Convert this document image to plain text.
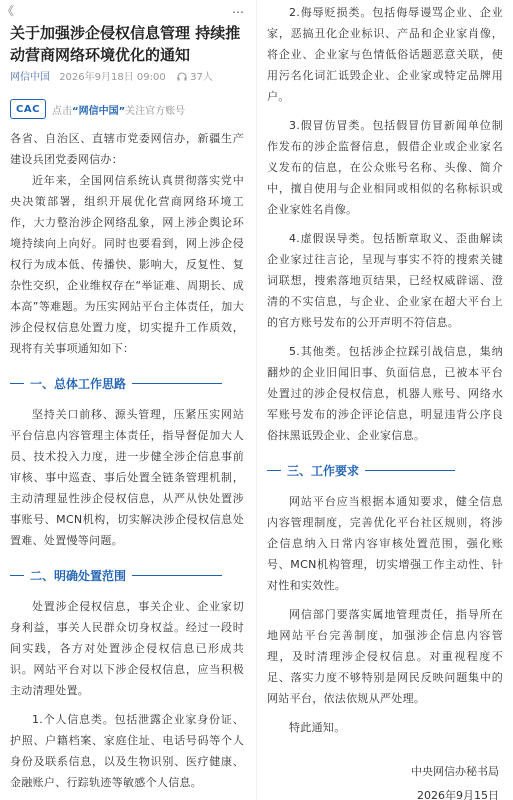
《	…
关于加强涉企侵权信息管理 持续推动营商网络环境优化的通知
网信中国 2026年9月18日 09:00 37人
CAC	点击 “网信中国” 关注官方账号

各省、自治区、直辖市党委网信办，新疆生产建设兵团党委网信办：

近年来，全国网信系统认真贯彻落实党中央决策部署，组织开展优化营商网络环境工作，大力整治涉企网络乱象，网上涉企舆论环境持续向上向好。同时也要看到，网上涉企侵权行为成本低、传播快、影响大，反复性、复杂性交织，企业维权存在“举证难、周期长、成本高”等难题。为压实网站平台主体责任，加大涉企侵权信息处置力度，切实提升工作质效，现将有关事项通知如下：

一、总体工作思路

坚持关口前移、源头管理，压紧压实网站平台信息内容管理主体责任，指导督促加大人员、技术投入力度，进一步健全涉企信息事前审核、事中巡查、事后处置全链条管理机制，主动清理显性涉企侵权信息，从严从快处置涉事账号、MCN机构，切实解决涉企侵权信息处置难、处置慢等问题。

二、明确处置范围

处置涉企侵权信息，事关企业、企业家切身利益，事关人民群众切身权益。经过一段时间实践，各方对处置涉企侵权信息已形成共识。网站平台对以下涉企侵权信息，应当积极主动清理处置。

1.个人信息类。包括泄露企业家身份证、护照、户籍档案、家庭住址、电话号码等个人身份及联系信息，以及生物识别、医疗健康、金融账户、行踪轨迹等敏感个人信息。

2.侮辱贬损类。包括侮辱谩骂企业、企业家，恶搞丑化企业标识、产品和企业家肖像，将企业、企业家与色情低俗话题恶意关联，使用污名化词汇诋毁企业、企业家或特定品牌用户。

3.假冒仿冒类。包括假冒仿冒新闻单位制作发布的涉企监督信息，假借企业或企业家名义发布的信息，在公众账号名称、头像、简介中，擅自使用与企业相同或相似的名称标识或企业家姓名肖像。

4.虚假误导类。包括断章取义、歪曲解读企业家过往言论，呈现与事实不符的搜索关键词联想，搜索落地页结果，已经权威辟谣、澄清的不实信息，与企业、企业家在超大平台上的官方账号发布的公开声明不符信息。

5.其他类。包括涉企拉踩引战信息，集纳翻炒的企业旧闻旧事、负面信息，已被本平台处置过的涉企侵权信息，机器人账号、网络水军账号发布的涉企评论信息，明显违背公序良俗抹黑诋毁企业、企业家信息。

三、工作要求

网站平台应当根据本通知要求，健全信息内容管理制度，完善优化平台社区规则，将涉企信息纳入日常内容审核处置范围，强化账号、MCN机构管理，切实增强工作主动性、针对性和实效性。

网信部门要落实属地管理责任，指导所在地网站平台完善制度，加强涉企信息内容管理，及时清理涉企侵权信息。对重视程度不足、落实力度不够特别是网民反映问题集中的网站平台，依法依规从严处理。

特此通知。

中央网信办秘书局
2026年9月15日
